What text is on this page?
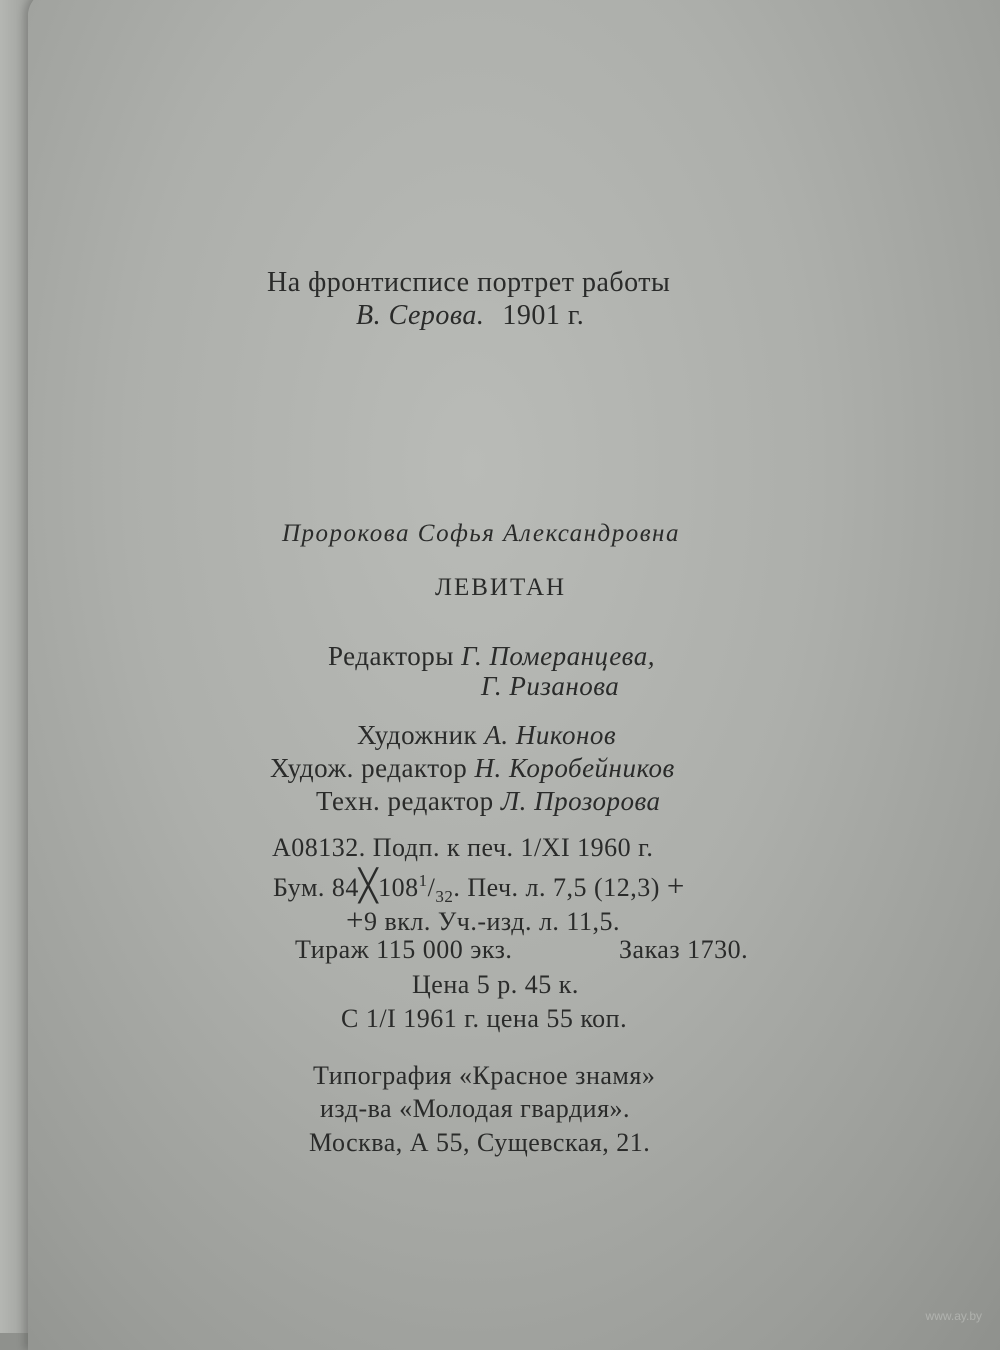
На фронтисписе портрет работы
В. Серова. 1901 г.
Пророкова Софья Александровна
ЛЕВИТАН
Редакторы Г. Померанцева,
Г. Ризанова
Художник А. Никонов
Худож. редактор Н. Коробейников
Техн. редактор Л. Прозорова
А08132. Подп. к печ. 1/XI 1960 г.
Бум. $84╳108^1/_{32}$. Печ. л. 7,5 (12,3) +
+9 вкл. Уч.-изд. л. 11,5.
Тираж 115 000 экз.	Заказ 1730.
Цена 5 р. 45 к.
С 1/I 1961 г. цена 55 коп.
Типография «Красное знамя»
изд-ва «Молодая гвардия».
Москва, А 55, Сущевская, 21.
www.ay.by
